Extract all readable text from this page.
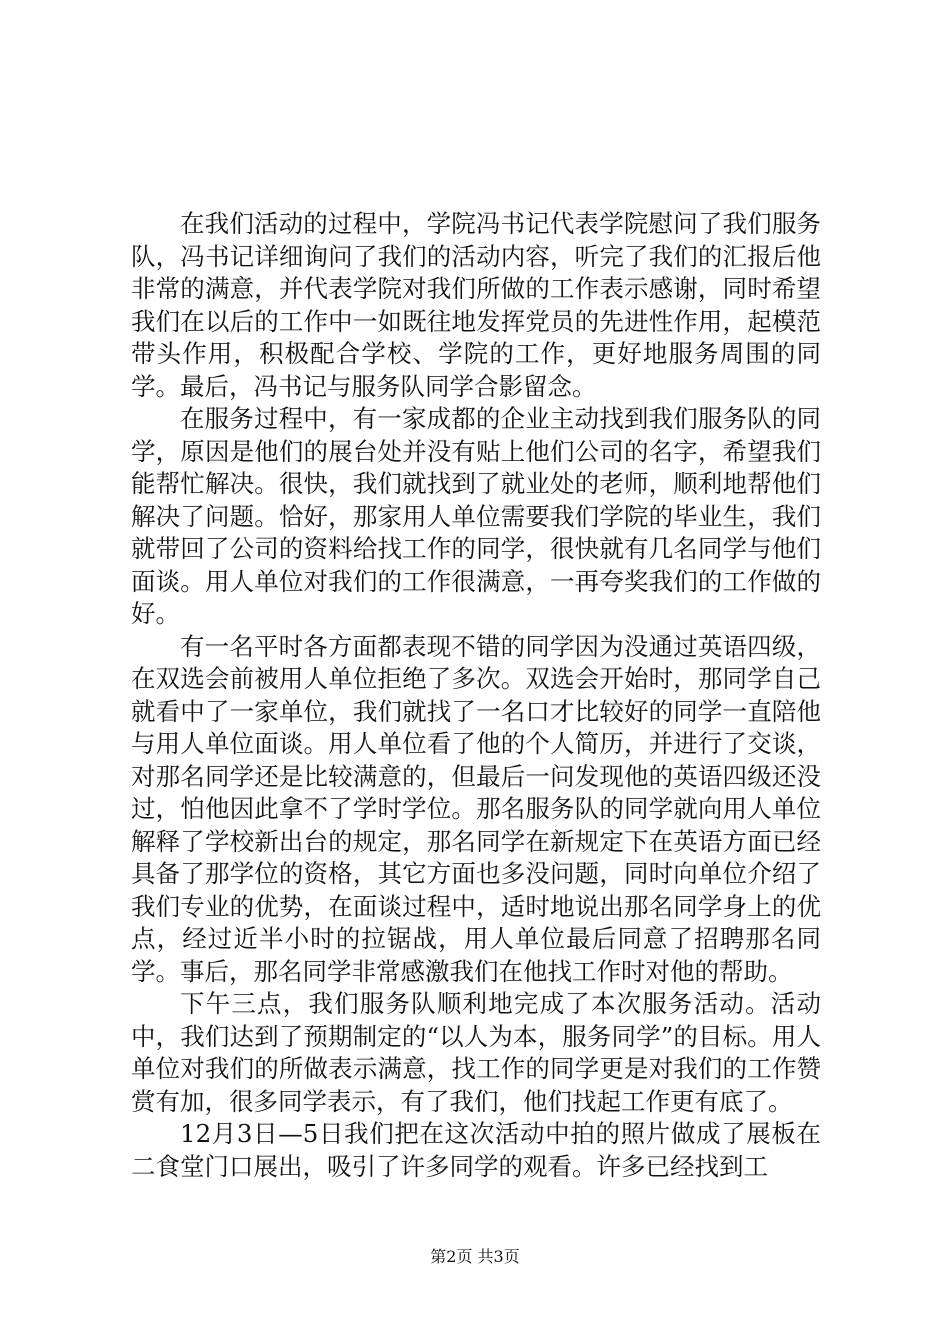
在我们活动的过程中，学院冯书记代表学院慰问了我们服务队，冯书记详细询问了我们的活动内容，听完了我们的汇报后他非常的满意，并代表学院对我们所做的工作表示感谢，同时希望我们在以后的工作中一如既往地发挥党员的先进性作用，起模范带头作用，积极配合学校、学院的工作，更好地服务周围的同学。最后，冯书记与服务队同学合影留念。

在服务过程中，有一家成都的企业主动找到我们服务队的同学，原因是他们的展台处并没有贴上他们公司的名字，希望我们能帮忙解决。很快，我们就找到了就业处的老师，顺利地帮他们解决了问题。恰好，那家用人单位需要我们学院的毕业生，我们就带回了公司的资料给找工作的同学，很快就有几名同学与他们面谈。用人单位对我们的工作很满意，一再夸奖我们的工作做的好。

有一名平时各方面都表现不错的同学因为没通过英语四级，在双选会前被用人单位拒绝了多次。双选会开始时，那同学自己就看中了一家单位，我们就找了一名口才比较好的同学一直陪他与用人单位面谈。用人单位看了他的个人简历，并进行了交谈，对那名同学还是比较满意的，但最后一问发现他的英语四级还没过，怕他因此拿不了学时学位。那名服务队的同学就向用人单位解释了学校新出台的规定，那名同学在新规定下在英语方面已经具备了那学位的资格，其它方面也多没问题，同时向单位介绍了我们专业的优势，在面谈过程中，适时地说出那名同学身上的优点，经过近半小时的拉锯战，用人单位最后同意了招聘那名同学。事后，那名同学非常感激我们在他找工作时对他的帮助。

下午三点，我们服务队顺利地完成了本次服务活动。活动中，我们达到了预期制定的“以人为本，服务同学”的目标。用人单位对我们的所做表示满意，找工作的同学更是对我们的工作赞赏有加，很多同学表示，有了我们，他们找起工作更有底了。

12月3日—5日我们把在这次活动中拍的照片做成了展板在二食堂门口展出，吸引了许多同学的观看。许多已经找到工

第2页 共3页
